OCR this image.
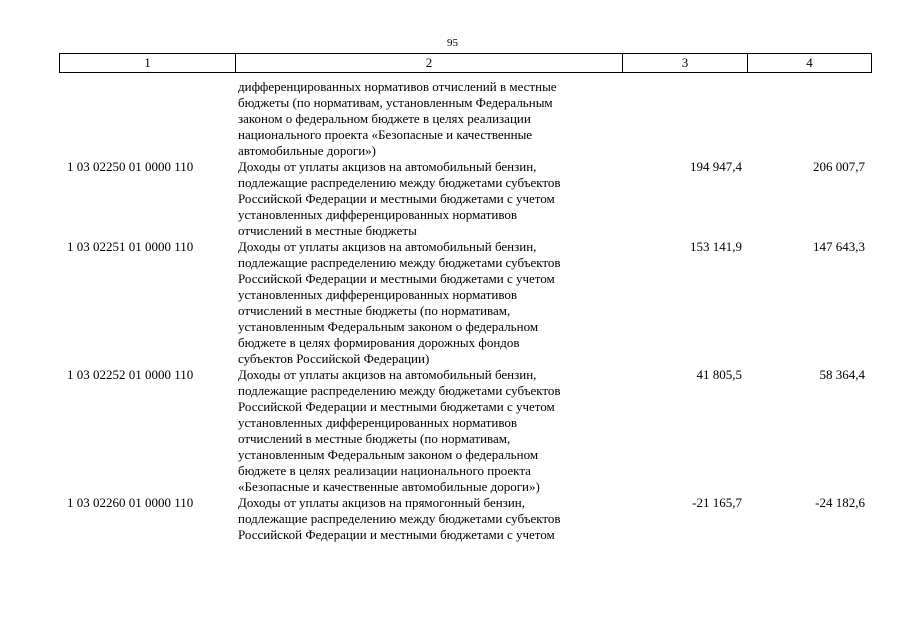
95
1	2	3	4
дифференцированных нормативов отчислений в местные
бюджеты (по нормативам, установленным Федеральным
законом о федеральном бюджете в целях реализации
национального проекта «Безопасные и качественные
автомобильные дороги»)
1 03 02250 01 0000 110	Доходы от уплаты акцизов на автомобильный бензин,
подлежащие распределению между бюджетами субъектов
Российской Федерации и местными бюджетами с учетом
установленных дифференцированных нормативов
отчислений в местные бюджеты
194 947,4	206 007,7
1 03 02251 01 0000 110	Доходы от уплаты акцизов на автомобильный бензин,
подлежащие распределению между бюджетами субъектов
Российской Федерации и местными бюджетами с учетом
установленных дифференцированных нормативов
отчислений в местные бюджеты (по нормативам,
установленным Федеральным законом о федеральном
бюджете в целях формирования дорожных фондов
субъектов Российской Федерации)
153 141,9	147 643,3
1 03 02252 01 0000 110	Доходы от уплаты акцизов на автомобильный бензин,
подлежащие распределению между бюджетами субъектов
Российской Федерации и местными бюджетами с учетом
установленных дифференцированных нормативов
отчислений в местные бюджеты (по нормативам,
установленным Федеральным законом о федеральном
бюджете в целях реализации национального проекта
«Безопасные и качественные автомобильные дороги»)
41 805,5	58 364,4
1 03 02260 01 0000 110	Доходы от уплаты акцизов на прямогонный бензин,
подлежащие распределению между бюджетами субъектов
Российской Федерации и местными бюджетами с учетом
-21 165,7	-24 182,6
